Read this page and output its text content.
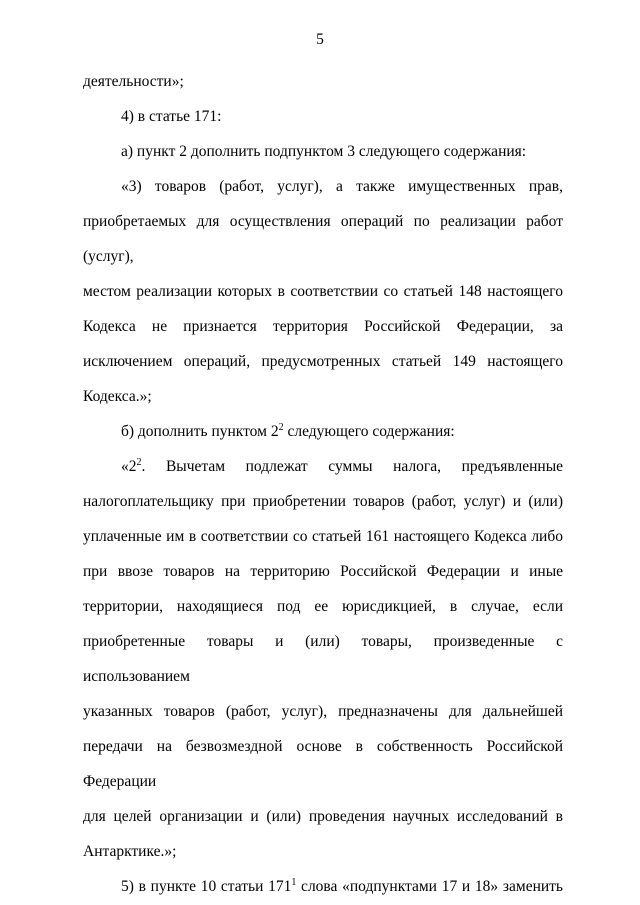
5

деятельности»;

4) в статье 171:

а) пункт 2 дополнить подпунктом 3 следующего содержания:

«3) товаров (работ, услуг), а также имущественных прав,
приобретаемых для осуществления операций по реализации работ (услуг),
местом реализации которых в соответствии со статьей 148 настоящего
Кодекса не признается территория Российской Федерации, за
исключением операций, предусмотренных статьей 149 настоящего
Кодекса.»;

б) дополнить пунктом $2^2$ следующего содержания:

«$2^2$. Вычетам подлежат суммы налога, предъявленные
налогоплательщику при приобретении товаров (работ, услуг) и (или)
уплаченные им в соответствии со статьей 161 настоящего Кодекса либо
при ввозе товаров на территорию Российской Федерации и иные
территории, находящиеся под ее юрисдикцией, в случае, если
приобретенные товары и (или) товары, произведенные с использованием
указанных товаров (работ, услуг), предназначены для дальнейшей
передачи на безвозмездной основе в собственность Российской Федерации
для целей организации и (или) проведения научных исследований в
Антарктике.»;
5) в пункте 10 статьи $171^1$ слова «подпунктами 17 и 18» заменить
